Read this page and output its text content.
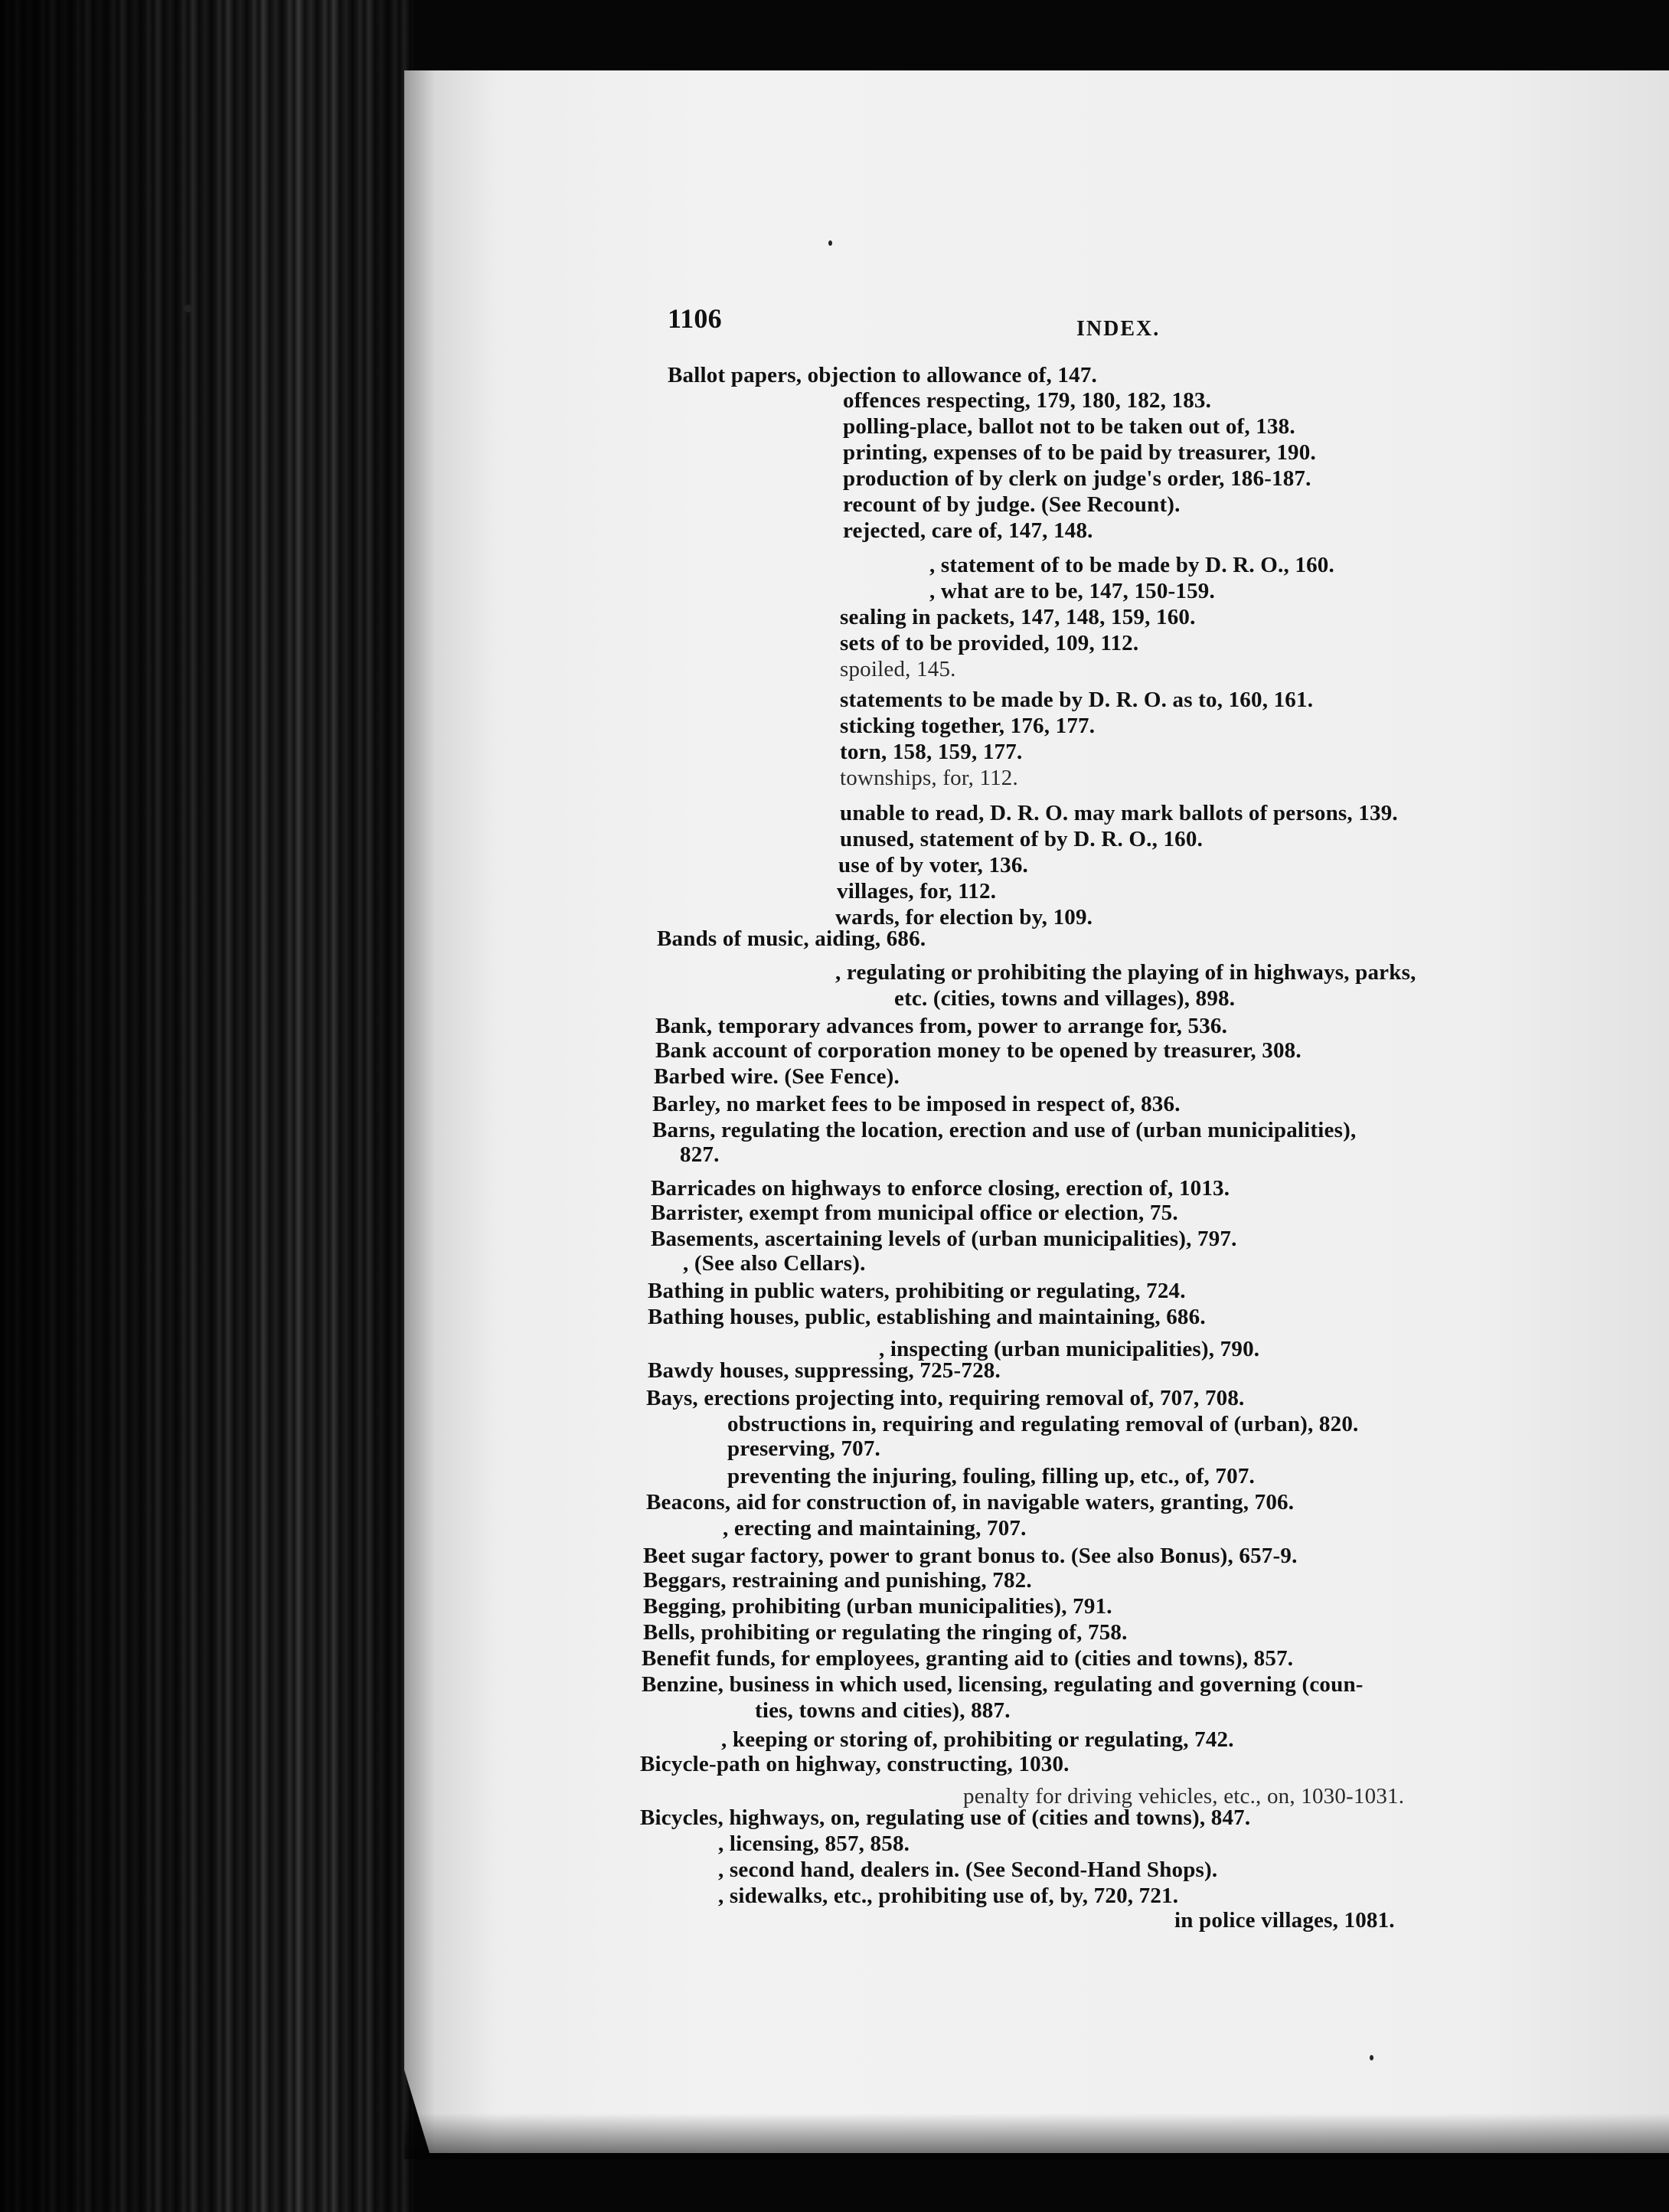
1106	INDEX.
Ballot papers, objection to allowance of, 147.
offences respecting, 179, 180, 182, 183.
polling-place, ballot not to be taken out of, 138.
printing, expenses of to be paid by treasurer, 190.
production of by clerk on judge's order, 186-187.
recount of by judge. (See Recount).
rejected, care of, 147, 148.
, statement of to be made by D. R. O., 160.
, what are to be, 147, 150-159.
sealing in packets, 147, 148, 159, 160.
sets of to be provided, 109, 112.
spoiled, 145.
statements to be made by D. R. O. as to, 160, 161.
sticking together, 176, 177.
torn, 158, 159, 177.
townships, for, 112.
unable to read, D. R. O. may mark ballots of persons, 139.
unused, statement of by D. R. O., 160.
use of by voter, 136.
villages, for, 112.
wards, for election by, 109.
Bands of music, aiding, 686.
, regulating or prohibiting the playing of in highways, parks,
etc. (cities, towns and villages), 898.
Bank, temporary advances from, power to arrange for, 536.
Bank account of corporation money to be opened by treasurer, 308.
Barbed wire. (See Fence).
Barley, no market fees to be imposed in respect of, 836.
Barns, regulating the location, erection and use of (urban municipalities),
827.
Barricades on highways to enforce closing, erection of, 1013.
Barrister, exempt from municipal office or election, 75.
Basements, ascertaining levels of (urban municipalities), 797.
, (See also Cellars).
Bathing in public waters, prohibiting or regulating, 724.
Bathing houses, public, establishing and maintaining, 686.
, inspecting (urban municipalities), 790.
Bawdy houses, suppressing, 725-728.
Bays, erections projecting into, requiring removal of, 707, 708.
obstructions in, requiring and regulating removal of (urban), 820.
preserving, 707.
preventing the injuring, fouling, filling up, etc., of, 707.
Beacons, aid for construction of, in navigable waters, granting, 706.
, erecting and maintaining, 707.
Beet sugar factory, power to grant bonus to. (See also Bonus), 657-9.
Beggars, restraining and punishing, 782.
Begging, prohibiting (urban municipalities), 791.
Bells, prohibiting or regulating the ringing of, 758.
Benefit funds, for employees, granting aid to (cities and towns), 857.
Benzine, business in which used, licensing, regulating and governing (coun-
ties, towns and cities), 887.
, keeping or storing of, prohibiting or regulating, 742.
Bicycle-path on highway, constructing, 1030.
penalty for driving vehicles, etc., on, 1030-1031.
Bicycles, highways, on, regulating use of (cities and towns), 847.
, licensing, 857, 858.
, second hand, dealers in. (See Second-Hand Shops).
, sidewalks, etc., prohibiting use of, by, 720, 721.
in police villages, 1081.
